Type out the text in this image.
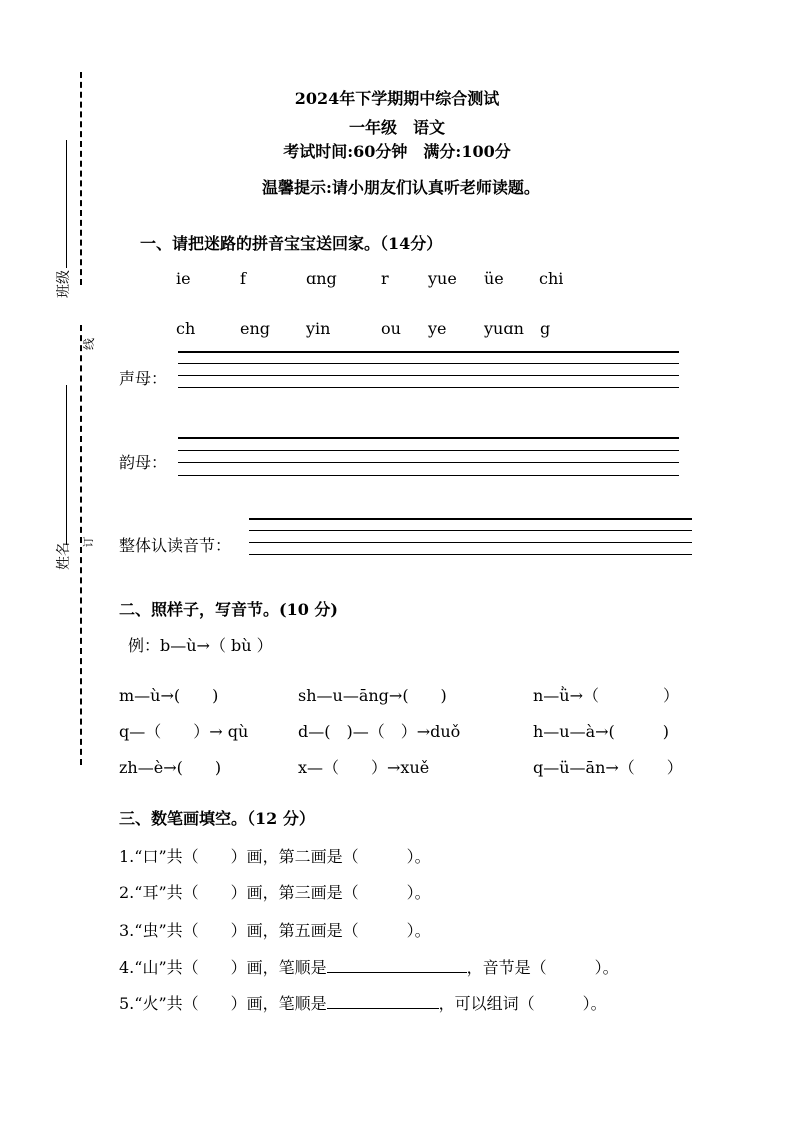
班级
姓名
线
订
2024年下学期期中综合测试
一年级　语文
考试时间:60分钟　满分:100分
温馨提示:请小朋友们认真听老师读题。
一、请把迷路的拼音宝宝送回家。（14分）
ie	f	ɑng	r yue üe chi
ch	eng yin	ou ye yuɑn g
声母：
韵母：
整体认读音节：
二、照样子，写音节。(10 分)
例：b—ù→（ bù ）
m—ù→(　　)	sh—u—āng→(　　)	n—ǜ→（　　　　）
q—（　　）→ qù	d—(　)—（　）→duǒ	h—u—à→(　　　)
zh—è→(　　)	x—（　　）→xuě	q—ü—ān→（　　）
三、数笔画填空。（12 分）
1.“口”共（　　）画，第二画是（　　　）。
2.“耳”共（　　）画，第三画是（　　　）。
3.“虫”共（　　）画，第五画是（　　　）。
4.“山”共（　　）画，笔顺是	，音节是（　　　）。
5.“火”共（　　）画，笔顺是	，可以组词（　　　）。
